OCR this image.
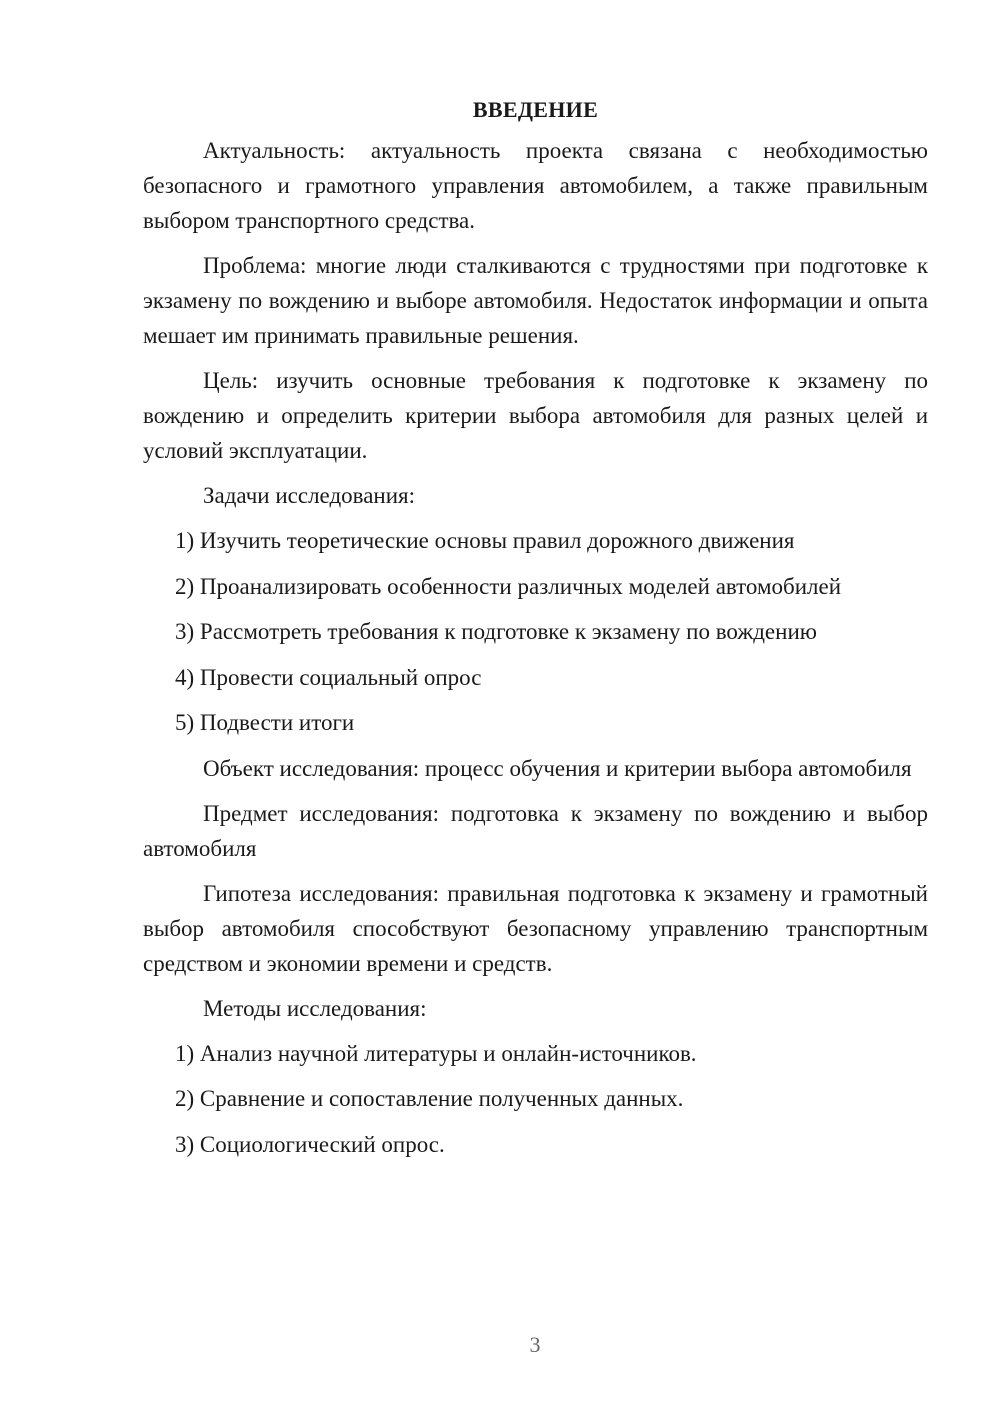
ВВЕДЕНИЕ

Актуальность: актуальность проекта связана с необходимостью безопасного и грамотного управления автомобилем, а также правильным выбором транспортного средства.

Проблема: многие люди сталкиваются с трудностями при подготовке к экзамену по вождению и выборе автомобиля. Недостаток информации и опыта мешает им принимать правильные решения.

Цель: изучить основные требования к подготовке к экзамену по вождению и определить критерии выбора автомобиля для разных целей и условий эксплуатации.

Задачи исследования:

1) Изучить теоретические основы правил дорожного движения
2) Проанализировать особенности различных моделей автомобилей
3) Рассмотреть требования к подготовке к экзамену по вождению
4) Провести социальный опрос
5) Подвести итоги

Объект исследования: процесс обучения и критерии выбора автомобиля

Предмет исследования: подготовка к экзамену по вождению и выбор автомобиля

Гипотеза исследования: правильная подготовка к экзамену и грамотный выбор автомобиля способствуют безопасному управлению транспортным средством и экономии времени и средств.

Методы исследования:

1) Анализ научной литературы и онлайн-источников.
2) Сравнение и сопоставление полученных данных.
3) Социологический опрос.
3
